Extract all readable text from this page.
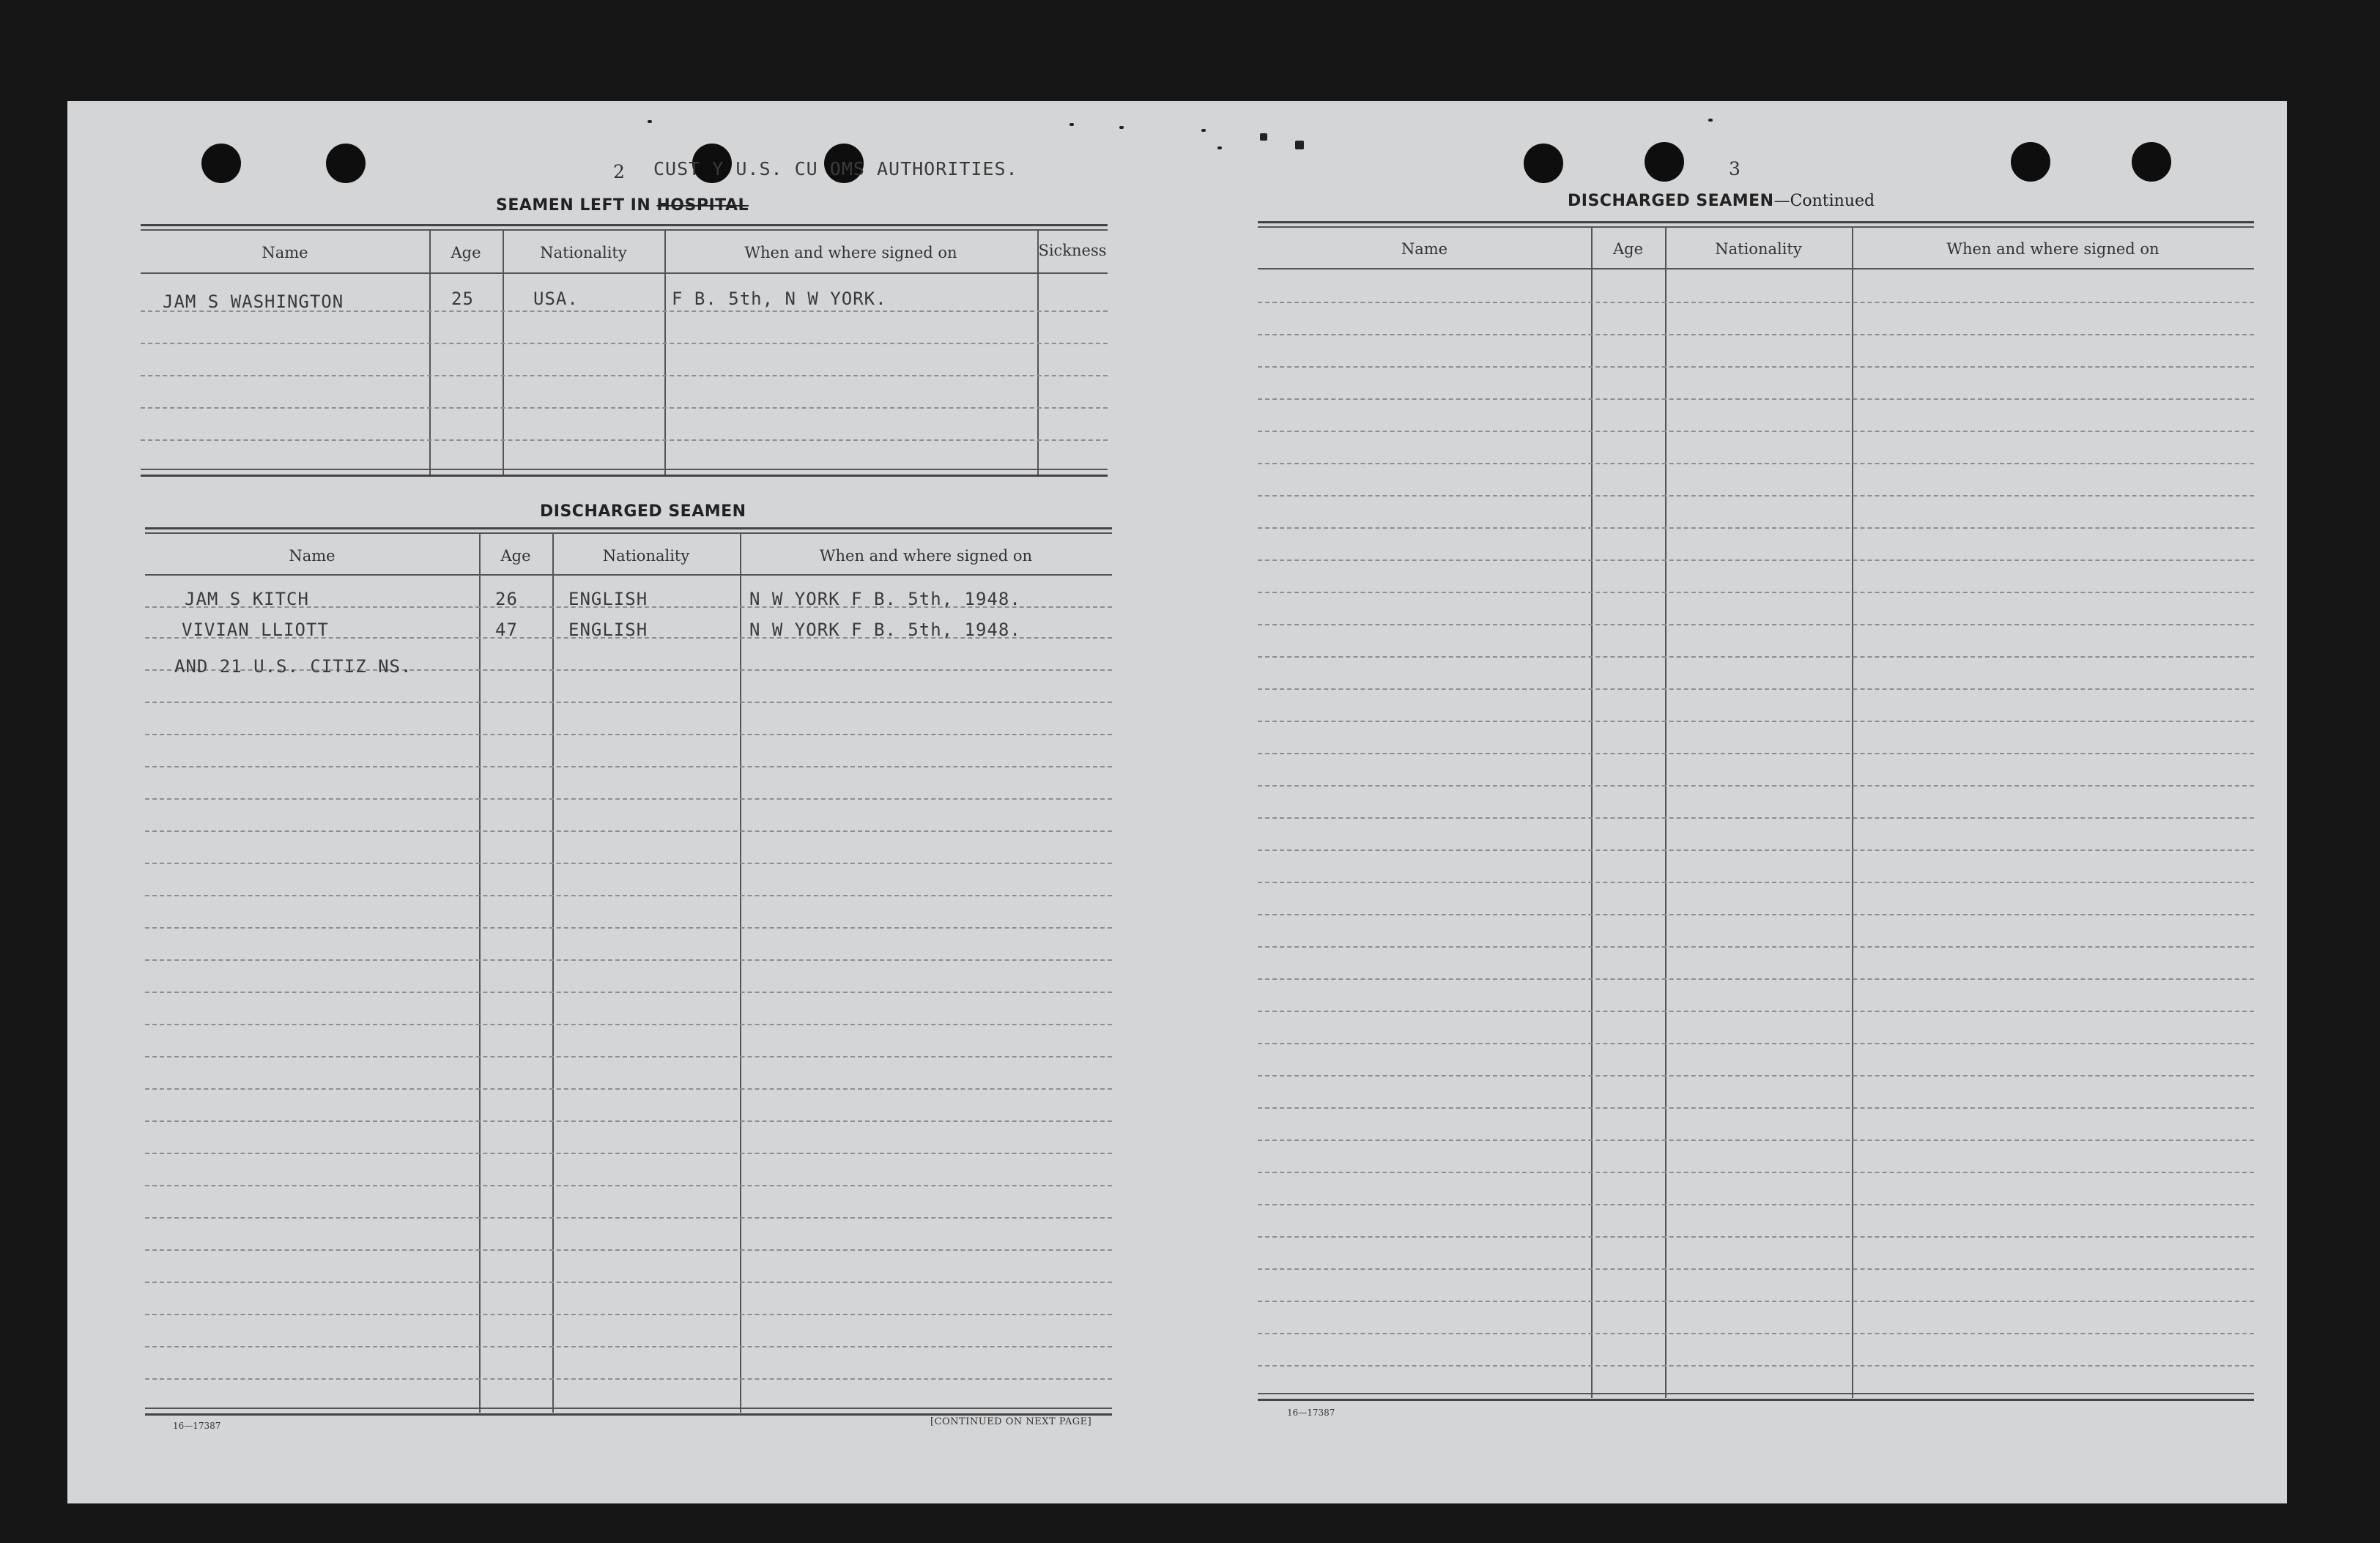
2 CUST Y U.S. CU OMS AUTHORITIES.
SEAMEN LEFT IN HOSPITAL
Name	Age	Nationality	When and where signed on	Sickness
JAM S WASHINGTON	25	USA.	F B. 5th, N W YORK.
DISCHARGED SEAMEN
Name	Age	Nationality	When and where signed on
JAM S KITCH	26	ENGLISH	N W YORK F B. 5th, 1948.
VIVIAN LLIOTT	47	ENGLISH	N W YORK F B. 5th, 1948.
AND 21 U.S. CITIZ NS.
16—17387	[CONTINUED ON NEXT PAGE]
3
DISCHARGED SEAMEN—Continued
Name	Age	Nationality	When and where signed on
16—17387
